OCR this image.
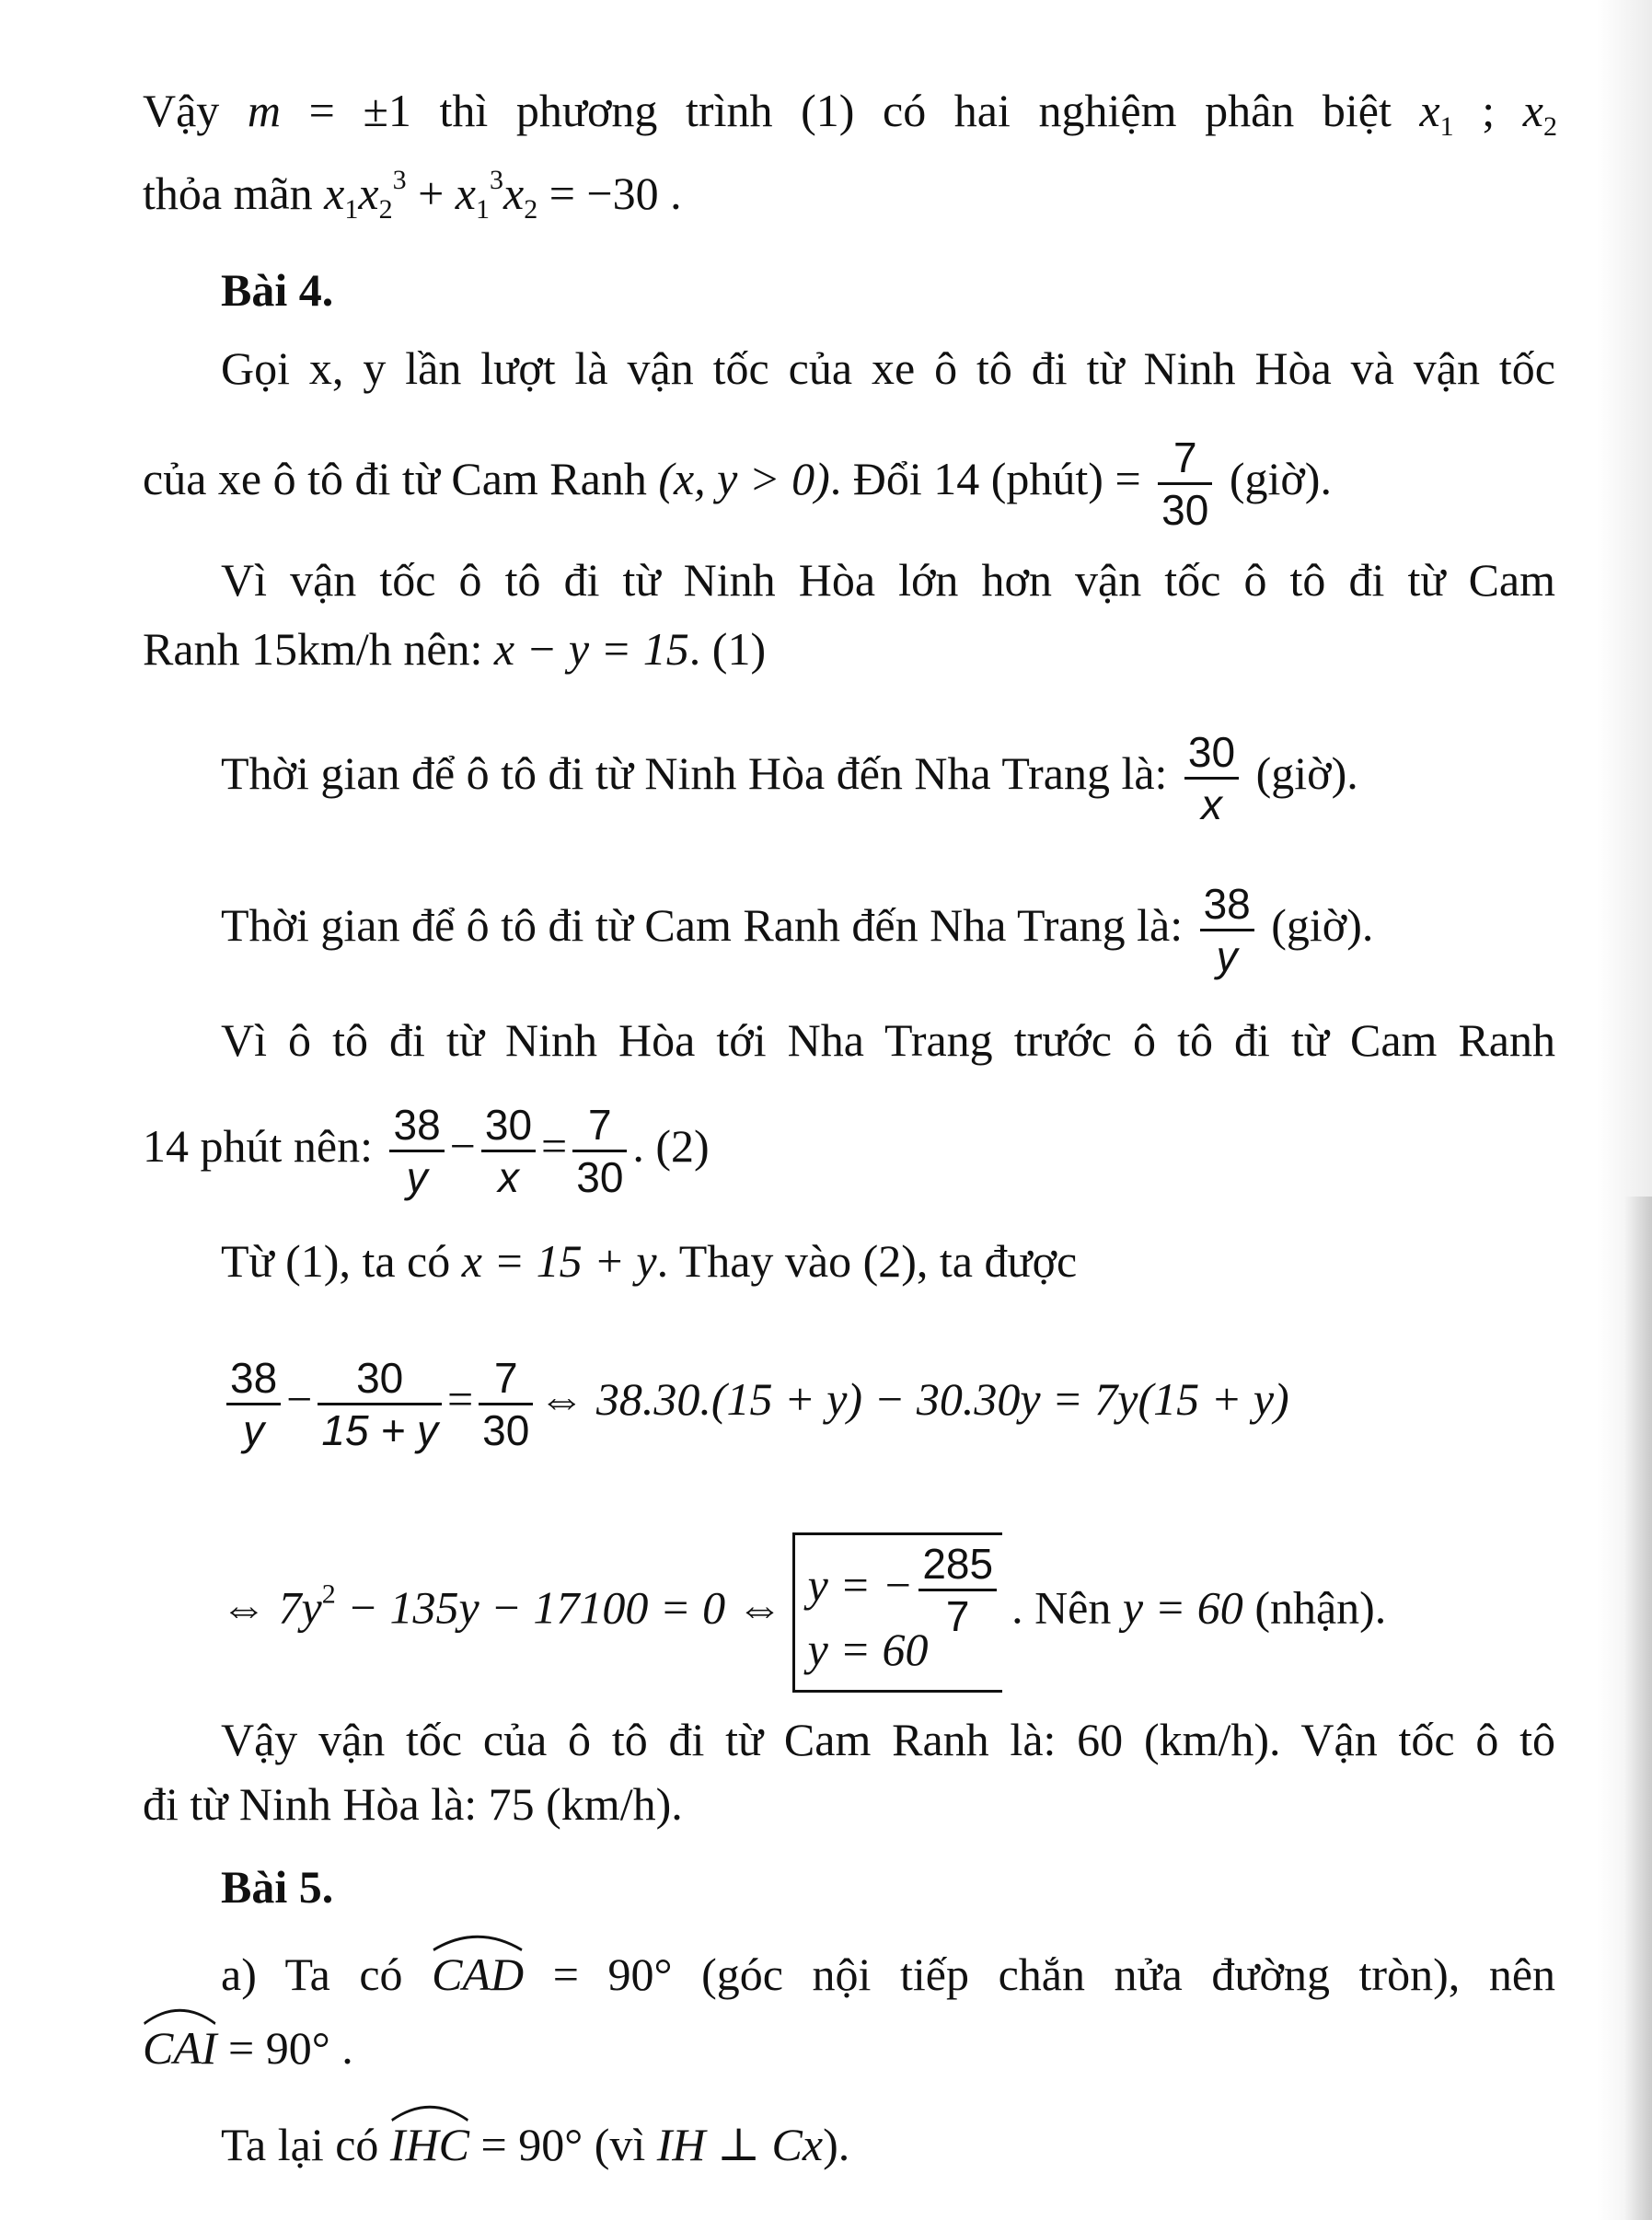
Vậy m = ±1 thì phương trình (1) có hai nghiệm phân biệt $x_1$ ; $x_2$
thỏa mãn $x_1x_2^3 + x_1^3x_2 = -30$ .
Bài 4.
Gọi x, y lần lượt là vận tốc của xe ô tô đi từ Ninh Hòa và vận tốc
của xe ô tô đi từ Cam Ranh (x, y > 0). Đổi 14 (phút) = $\frac{7}{30}$ (giờ).
Vì vận tốc ô tô đi từ Ninh Hòa lớn hơn vận tốc ô tô đi từ Cam
Ranh 15km/h nên: x − y = 15. (1)
Thời gian để ô tô đi từ Ninh Hòa đến Nha Trang là: $\frac{30}{x}$ (giờ).
Thời gian để ô tô đi từ Cam Ranh đến Nha Trang là: $\frac{38}{y}$ (giờ).
Vì ô tô đi từ Ninh Hòa tới Nha Trang trước ô tô đi từ Cam Ranh
14 phút nên: $\frac{38}{y} - \frac{30}{x} = \frac{7}{30}$ . (2)
Từ (1), ta có x = 15 + y. Thay vào (2), ta được
$\frac{38}{y} - \frac{30}{15 + y} = \frac{7}{30}$ ⇔ 38.30.(15 + y) − 30.30y = 7y(15 + y)
⇔ $7y^2 - 135y - 17100 = 0$ ⇔ y = − $\frac{285}{7}$
y = 60
. Nên y = 60 (nhận).
Vậy vận tốc của ô tô đi từ Cam Ranh là: 60 (km/h). Vận tốc ô tô
đi từ Ninh Hòa là: 75 (km/h).
Bài 5.
a) Ta có
CAD = 90° (góc nội tiếp chắn nửa đường tròn), nên
CAI = 90° .
Ta lại có
IHC = 90° (vì IH ⊥ Cx).
